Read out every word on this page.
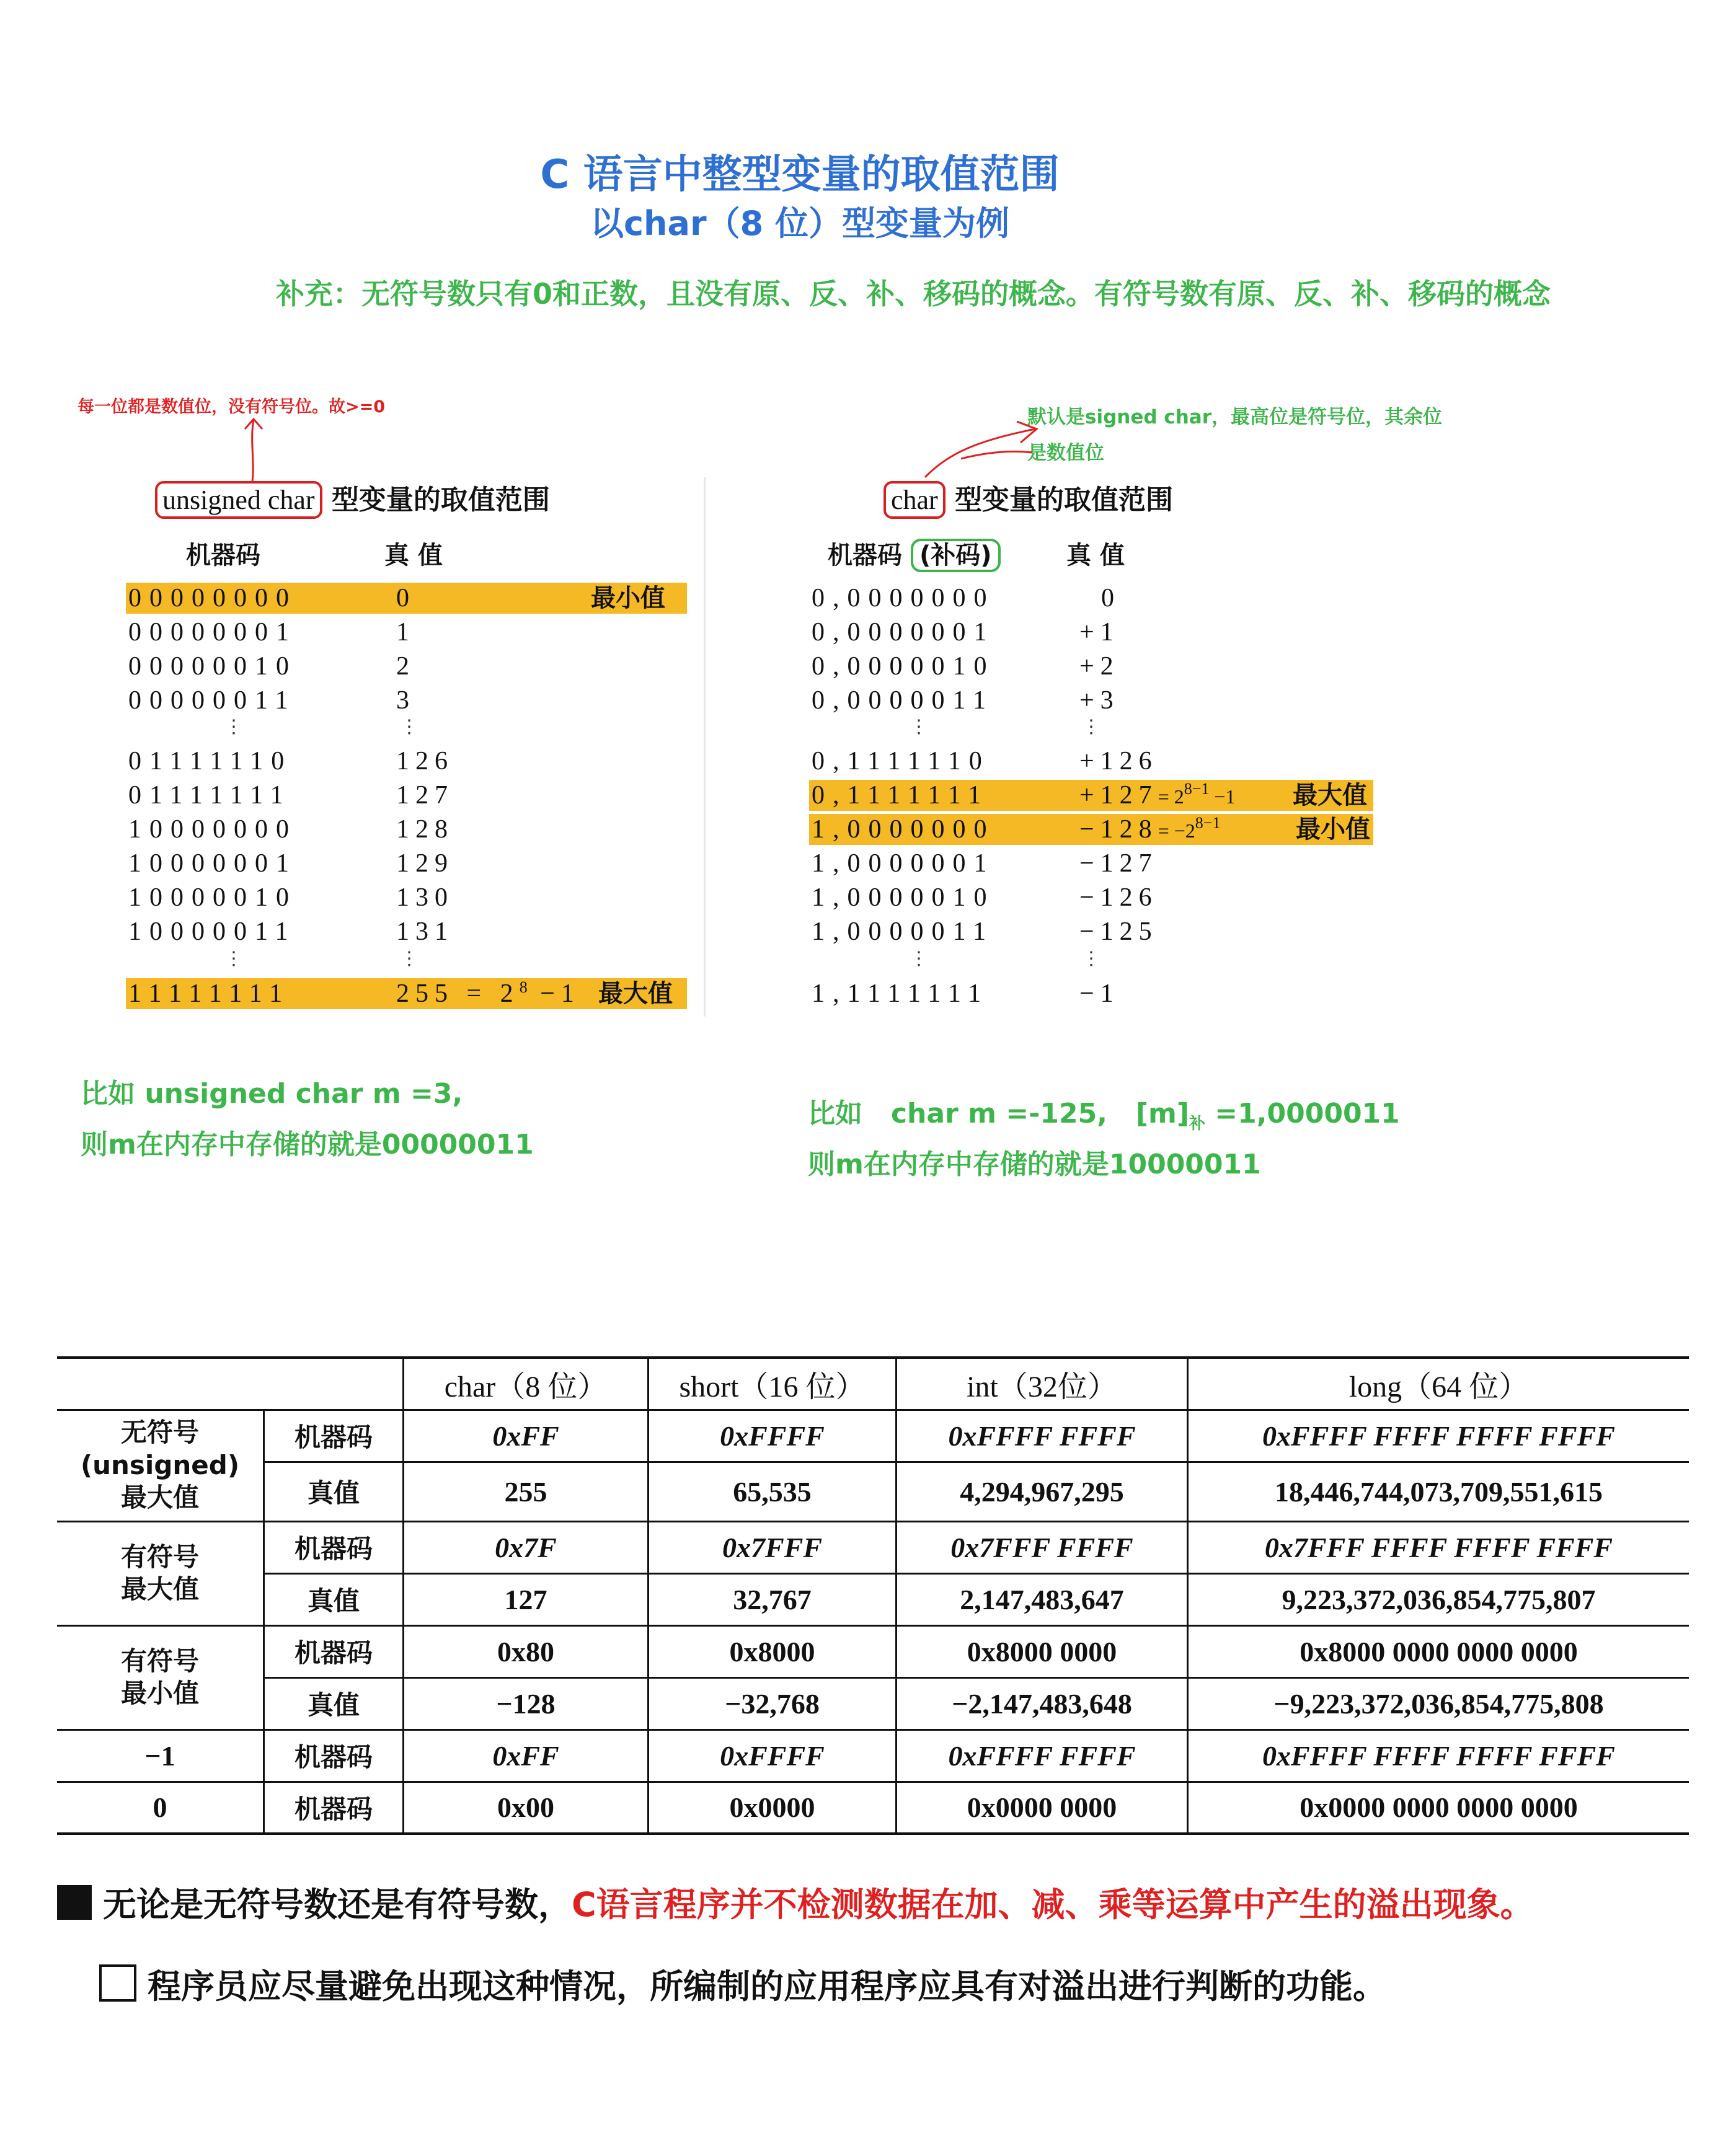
C 语言中整型变量的取值范围
以char（8 位）型变量为例
补充：无符号数只有0和正数，且没有原、反、补、移码的概念。有符号数有原、反、补、移码的概念
每一位都是数值位，没有符号位。故>=0	默认是signed char，最高位是符号位，其余位
是数值位
unsigned char 型变量的取值范围	char 型变量的取值范围
机器码	真 值	机器码 (补码)	真 值
00000000	0	最小值
00000001	1
00000010	2
00000011	3
⋮	⋮
01111110	126
01111111	127
10000000	128
10000001	129
10000010	130
10000011	131
⋮	⋮
11111111	$255 = 2^8 -1$ 最大值
0,0000000	0
0,0000001	+1
0,0000010	+2
0,0000011	+3
⋮	⋮
0,1111110	+126
0,1111111	$+127= 2^{8-1} -1$ 最大值
1,0000000	$-128= -2^{8-1}$	最小值
1,0000001	−127
1,0000010	−126
1,0000011	−125
⋮	⋮
1,1111111	−1
比如 unsigned char m =3,
则m在内存中存储的就是00000011
比如   char m =-125,   $[m]_补 =1,0000011$
则m在内存中存储的就是10000011
		char（8 位）	short（16 位）	int（32位）	long（64 位）
无符号
(unsigned)
最大值	机器码	0xFF	0xFFFF	0xFFFF FFFF	0xFFFF FFFF FFFF FFFF
	真值	255	65,535	4,294,967,295	18,446,744,073,709,551,615
有符号
最大值	机器码	0x7F	0x7FFF	0x7FFF FFFF	0x7FFF FFFF FFFF FFFF
	真值	127	32,767	2,147,483,647	9,223,372,036,854,775,807
有符号
最小值	机器码	0x80	0x8000	0x8000 0000	0x8000 0000 0000 0000
	真值	−128	−32,768	−2,147,483,648	−9,223,372,036,854,775,808
−1	机器码	0xFF	0xFFFF	0xFFFF FFFF	0xFFFF FFFF FFFF FFFF
0	机器码	0x00	0x0000	0x0000 0000	0x0000 0000 0000 0000
无论是无符号数还是有符号数，C语言程序并不检测数据在加、减、乘等运算中产生的溢出现象。
程序员应尽量避免出现这种情况，所编制的应用程序应具有对溢出进行判断的功能。
